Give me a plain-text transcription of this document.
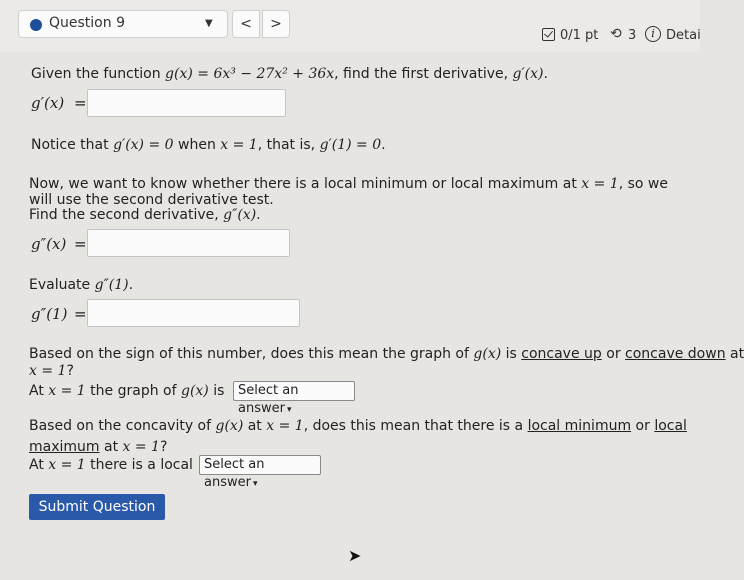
Question 9	▼	<	>
0/1 pt ⟲ 3	i Detai
Given the function g(x) = 6x³ − 27x² + 36x, find the first derivative, g′(x).
g′(x) =
Notice that g′(x) = 0 when x = 1, that is, g′(1) = 0.
Now, we want to know whether there is a local minimum or local maximum at x = 1, so we will use the second derivative test.
Find the second derivative, g″(x).
g″(x) =
Evaluate g″(1).
g″(1) =
Based on the sign of this number, does this mean the graph of g(x) is concave up or concave down at
x = 1?
At x = 1 the graph of g(x) is	Select an answer ▾
Based on the concavity of g(x) at x = 1, does this mean that there is a local minimum or local
maximum at x = 1?
At x = 1 there is a local Select an answer ▾
Submit Question
➤
